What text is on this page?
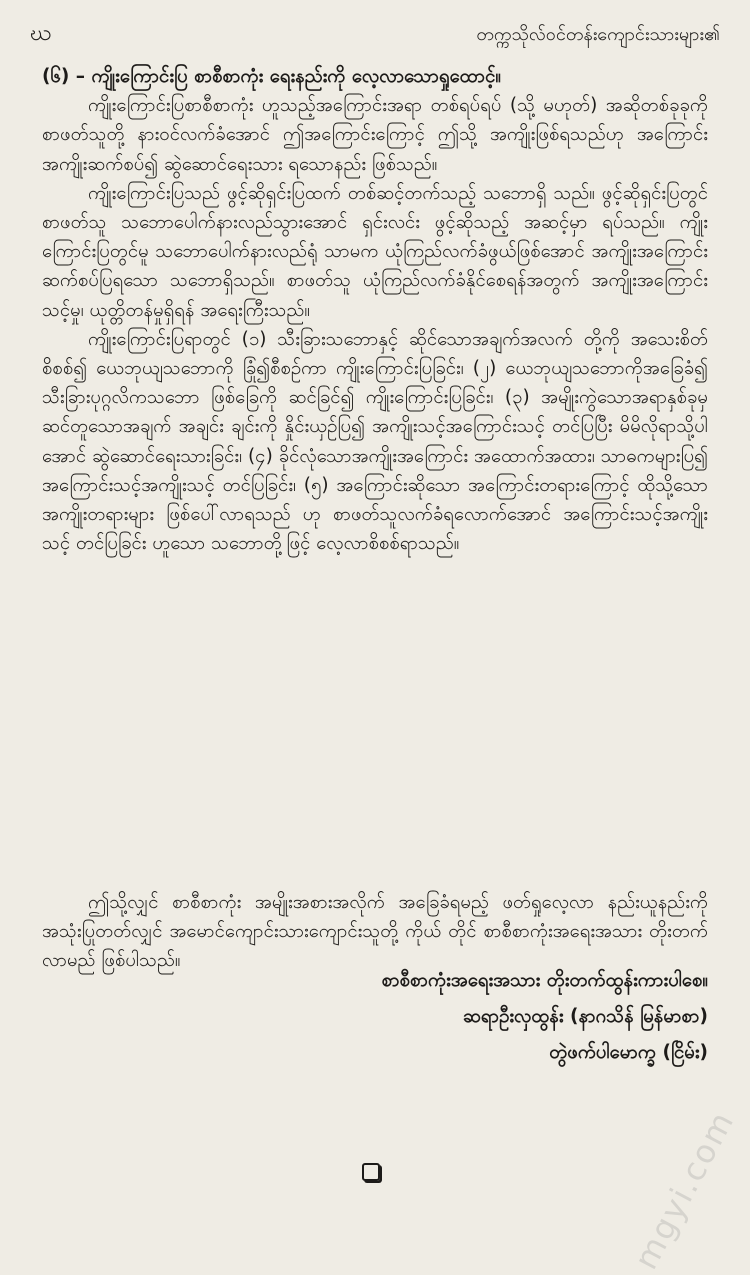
ဃ	တက္ကသိုလ်ဝင်တန်းကျောင်းသားများ၏

(၆) – ကျိုးကြောင်းပြ စာစီစာကုံး ရေးနည်းကို လေ့လာသောရှုထောင့်။

ကျိုးကြောင်းပြစာစီစာကုံး ဟူသည့်အကြောင်းအရာ တစ်ရပ်ရပ် (သို့ မဟုတ်) အဆိုတစ်ခုခုကို စာဖတ်သူတို့ နားဝင်လက်ခံအောင် ဤအကြောင်းကြောင့် ဤသို့ အကျိုးဖြစ်ရသည်ဟု အကြောင်းအကျိုးဆက်စပ်၍ ဆွဲဆောင်ရေးသား ရသောနည်း ဖြစ်သည်။

ကျိုးကြောင်းပြသည် ဖွင့်ဆိုရှင်းပြထက် တစ်ဆင့်တက်သည့် သဘောရှိ သည်။ ဖွင့်ဆိုရှင်းပြတွင် စာဖတ်သူ သဘောပေါက်နားလည်သွားအောင် ရှင်းလင်း ဖွင့်ဆိုသည့် အဆင့်မှာ ရပ်သည်။ ကျိုးကြောင်းပြတွင်မူ သဘောပေါက်နားလည်ရုံ သာမက ယုံကြည်လက်ခံဖွယ်ဖြစ်အောင် အကျိုးအကြောင်း ဆက်စပ်ပြရသော သဘောရှိသည်။ စာဖတ်သူ ယုံကြည်လက်ခံနိုင်စေရန်အတွက် အကျိုးအကြောင်း သင့်မှု၊ ယုတ္တိတန်မှုရှိရန် အရေးကြီးသည်။

ကျိုးကြောင်းပြရာတွင် (၁) သီးခြားသဘောနှင့် ဆိုင်သောအချက်အလက် တို့ကို အသေးစိတ်စိစစ်၍ ယေဘုယျသဘောကို ခြုံ၍စီစဉ်ကာ ကျိုးကြောင်းပြခြင်း၊ (၂) ယေဘုယျသဘောကိုအခြေခံ၍ သီးခြားပုဂ္ဂလိကသဘော ဖြစ်ခြေကို ဆင်ခြင်၍ ကျိုးကြောင်းပြခြင်း၊ (၃) အမျိုးကွဲသောအရာနှစ်ခုမှ ဆင်တူသောအချက် အချင်း ချင်းကို နှိုင်းယှဉ်ပြ၍ အကျိုးသင့်အကြောင်းသင့် တင်ပြပြီး မိမိလိုရာသို့ပါအောင် ဆွဲဆောင်ရေးသားခြင်း၊ (၄) ခိုင်လုံသောအကျိုးအကြောင်း အထောက်အထား၊ သာဓကများပြ၍ အကြောင်းသင့်အကျိုးသင့် တင်ပြခြင်း၊ (၅) အကြောင်းဆိုသော အကြောင်းတရားကြောင့် ထိုသို့သောအကျိုးတရားများ ဖြစ်ပေါ်လာရသည် ဟု စာဖတ်သူလက်ခံရလောက်အောင် အကြောင်းသင့်အကျိုးသင့် တင်ပြခြင်း ဟူသော သဘောတို့ဖြင့် လေ့လာစိစစ်ရာသည်။

ဤသို့လျှင် စာစီစာကုံး အမျိုးအစားအလိုက် အခြေခံရမည့် ဖတ်ရှုလေ့လာ နည်းယူနည်းကို အသုံးပြုတတ်လျှင် အမောင်ကျောင်းသားကျောင်းသူတို့ ကိုယ် တိုင် စာစီစာကုံးအရေးအသား တိုးတက်လာမည် ဖြစ်ပါသည်။

စာစီစာကုံးအရေးအသား တိုးတက်ထွန်းကားပါစေ။
ဆရာဦးလှထွန်း (နာဂသိန် မြန်မာစာ)
တွဲဖက်ပါမောက္ခ (ငြိမ်း)
mgyi.com
